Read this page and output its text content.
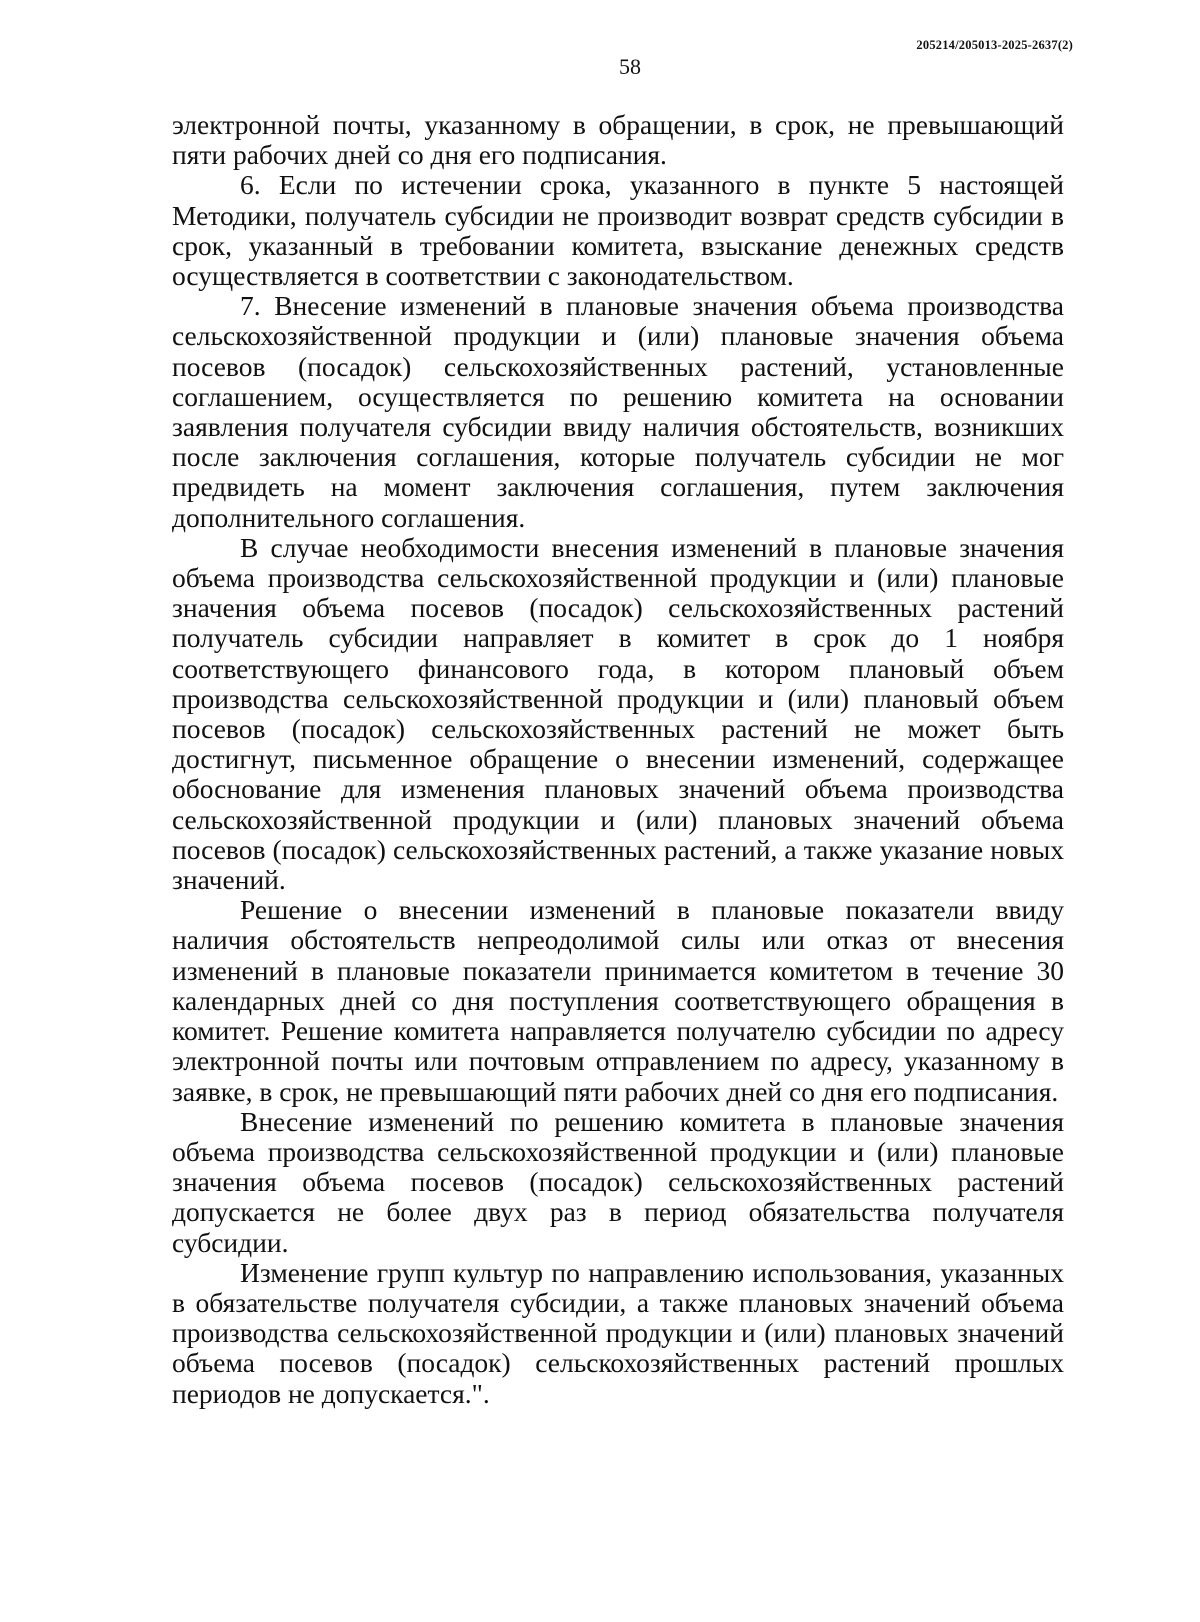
205214/205013-2025-2637(2)
58

электронной почты, указанному в обращении, в срок, не превышающий пяти рабочих дней со дня его подписания.

6. Если по истечении срока, указанного в пункте 5 настоящей Методики, получатель субсидии не производит возврат средств субсидии в срок, указанный в требовании комитета, взыскание денежных средств осуществляется в соответствии с законодательством.

7. Внесение изменений в плановые значения объема производства сельскохозяйственной продукции и (или) плановые значения объема посевов (посадок) сельскохозяйственных растений, установленные соглашением, осуществляется по решению комитета на основании заявления получателя субсидии ввиду наличия обстоятельств, возникших после заключения соглашения, которые получатель субсидии не мог предвидеть на момент заключения соглашения, путем заключения дополнительного соглашения.

В случае необходимости внесения изменений в плановые значения объема производства сельскохозяйственной продукции и (или) плановые значения объема посевов (посадок) сельскохозяйственных растений получатель субсидии направляет в комитет в срок до 1 ноября соответствующего финансового года, в котором плановый объем производства сельскохозяйственной продукции и (или) плановый объем посевов (посадок) сельскохозяйственных растений не может быть достигнут, письменное обращение о внесении изменений, содержащее обоснование для изменения плановых значений объема производства сельскохозяйственной продукции и (или) плановых значений объема посевов (посадок) сельскохозяйственных растений, а также указание новых значений.

Решение о внесении изменений в плановые показатели ввиду наличия обстоятельств непреодолимой силы или отказ от внесения изменений в плановые показатели принимается комитетом в течение 30 календарных дней со дня поступления соответствующего обращения в комитет. Решение комитета направляется получателю субсидии по адресу электронной почты или почтовым отправлением по адресу, указанному в заявке, в срок, не превышающий пяти рабочих дней со дня его подписания.

Внесение изменений по решению комитета в плановые значения объема производства сельскохозяйственной продукции и (или) плановые значения объема посевов (посадок) сельскохозяйственных растений допускается не более двух раз в период обязательства получателя субсидии.

Изменение групп культур по направлению использования, указанных в обязательстве получателя субсидии, а также плановых значений объема производства сельскохозяйственной продукции и (или) плановых значений объема посевов (посадок) сельскохозяйственных растений прошлых периодов не допускается.".
